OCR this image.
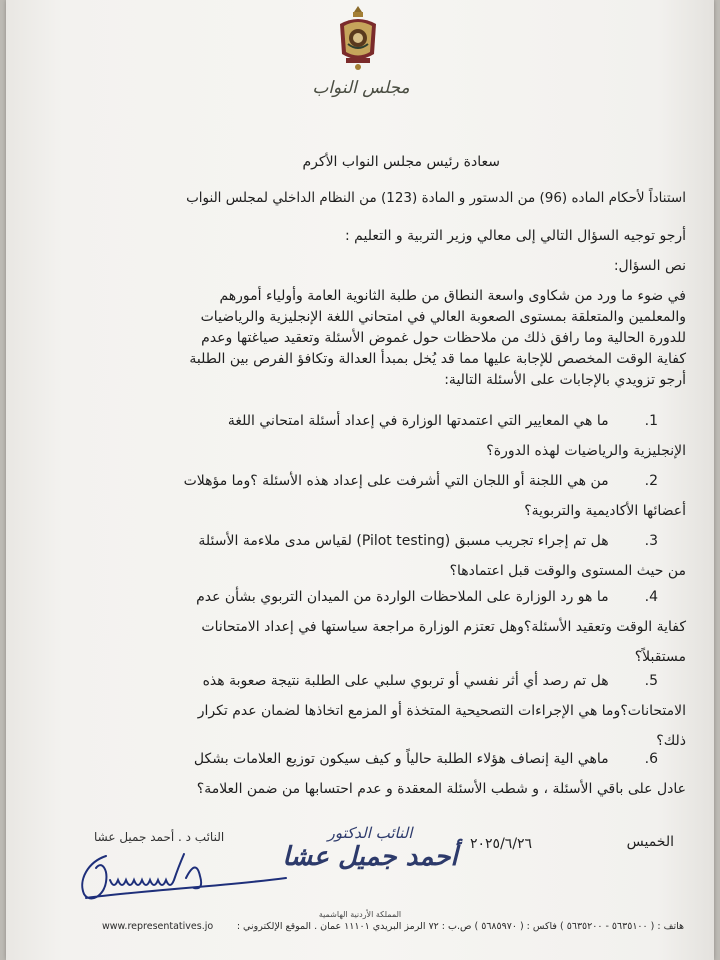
مجلس النواب
سعادة رئيس مجلس النواب الأكرم
استناداً لأحكام الماده (96) من الدستور و المادة (123) من النظام الداخلي لمجلس النواب
أرجو توجيه السؤال التالي إلى معالي وزير التربية و التعليم :
نص السؤال:
في ضوء ما ورد من شكاوى واسعة النطاق من طلبة الثانوية العامة وأولياء أمورهم
والمعلمين والمتعلقة بمستوى الصعوبة العالي في امتحاني اللغة الإنجليزية والرياضيات
للدورة الحالية وما رافق ذلك من ملاحظات حول غموض الأسئلة وتعقيد صياغتها وعدم
كفاية الوقت المخصص للإجابة عليها مما قد يُخل بمبدأ العدالة وتكافؤ الفرص بين الطلبة
أرجو تزويدي بالإجابات على الأسئلة التالية:
1.ما هي المعايير التي اعتمدتها الوزارة في إعداد أسئلة امتحاني اللغة
الإنجليزية والرياضيات لهذه الدورة؟
2.من هي اللجنة أو اللجان التي أشرفت على إعداد هذه الأسئلة ؟وما مؤهلات
أعضائها الأكاديمية والتربوية؟
3.هل تم إجراء تجريب مسبق (Pilot testing) لقياس مدى ملاءمة الأسئلة
من حيث المستوى والوقت قبل اعتمادها؟
4.ما هو رد الوزارة على الملاحظات الواردة من الميدان التربوي بشأن عدم
كفاية الوقت وتعقيد الأسئلة؟وهل تعتزم الوزارة مراجعة سياستها في إعداد الامتحانات
مستقبلاً؟
5.هل تم رصد أي أثر نفسي أو تربوي سلبي على الطلبة نتيجة صعوبة هذه
الامتحانات؟وما هي الإجراءات التصحيحية المتخذة أو المزمع اتخاذها لضمان عدم تكرار
ذلك؟
6.ماهي الية إنصاف هؤلاء الطلبة حالياً و كيف سيكون توزيع العلامات بشكل
عادل على باقي الأسئلة ، و شطب الأسئلة المعقدة و عدم احتسابها من ضمن العلامة؟
الخميس
٢٠٢٥/٦/٢٦
النائب الدكتور
أحمد جميل عشا
النائب د . أحمد جميل عشا
المملكة الأردنية الهاشمية
www.representatives.jo هاتف : ( ٥٦٣٥١٠٠ - ٥٦٣٥٢٠٠ ) فاكس : ( ٥٦٨٥٩٧٠ ) ص.ب : ٧٢ الرمز البريدي ١١١٠١ عمان . الموقع الإلكتروني :
